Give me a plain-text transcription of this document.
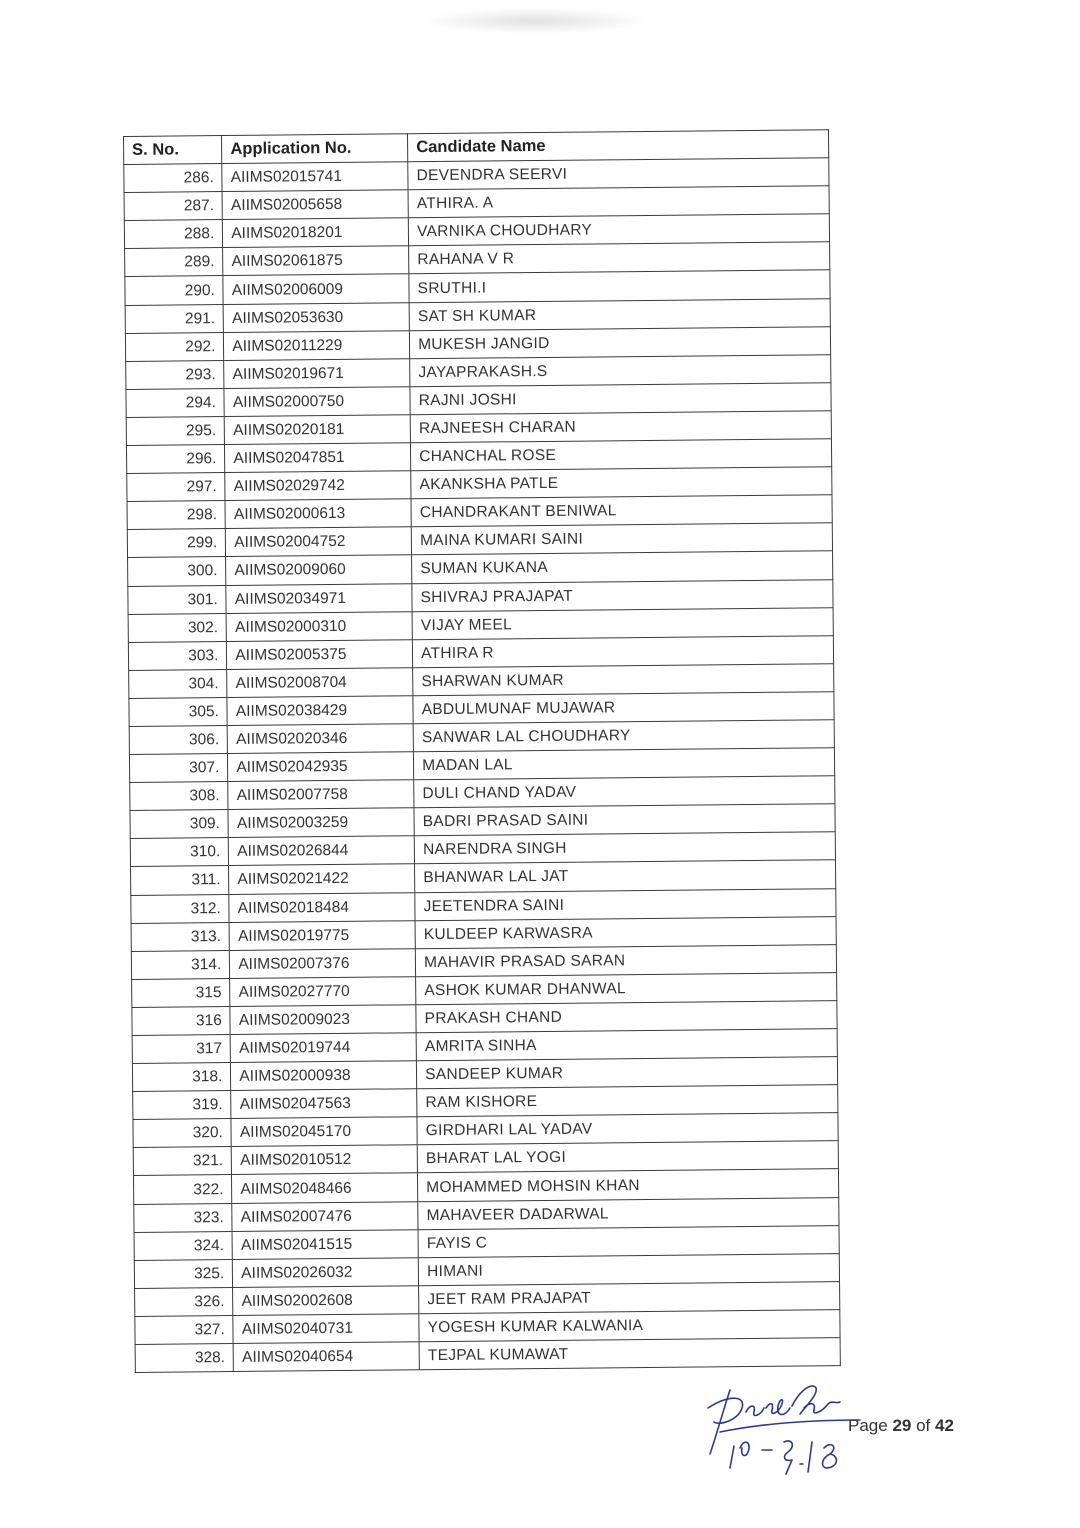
S. No.	Application No.	Candidate Name
286.	AIIMS02015741	DEVENDRA SEERVI
287.	AIIMS02005658	ATHIRA. A
288.	AIIMS02018201	VARNIKA CHOUDHARY
289.	AIIMS02061875	RAHANA V R
290.	AIIMS02006009	SRUTHI.I
291.	AIIMS02053630	SAT SH KUMAR
292.	AIIMS02011229	MUKESH JANGID
293.	AIIMS02019671	JAYAPRAKASH.S
294.	AIIMS02000750	RAJNI JOSHI
295.	AIIMS02020181	RAJNEESH CHARAN
296.	AIIMS02047851	CHANCHAL ROSE
297.	AIIMS02029742	AKANKSHA PATLE
298.	AIIMS02000613	CHANDRAKANT BENIWAL
299.	AIIMS02004752	MAINA KUMARI SAINI
300.	AIIMS02009060	SUMAN KUKANA
301.	AIIMS02034971	SHIVRAJ PRAJAPAT
302.	AIIMS02000310	VIJAY MEEL
303.	AIIMS02005375	ATHIRA R
304.	AIIMS02008704	SHARWAN KUMAR
305.	AIIMS02038429	ABDULMUNAF MUJAWAR
306.	AIIMS02020346	SANWAR LAL CHOUDHARY
307.	AIIMS02042935	MADAN LAL
308.	AIIMS02007758	DULI CHAND YADAV
309.	AIIMS02003259	BADRI PRASAD SAINI
310.	AIIMS02026844	NARENDRA SINGH
311.	AIIMS02021422	BHANWAR LAL JAT
312.	AIIMS02018484	JEETENDRA SAINI
313.	AIIMS02019775	KULDEEP KARWASRA
314.	AIIMS02007376	MAHAVIR PRASAD SARAN
315	AIIMS02027770	ASHOK KUMAR DHANWAL
316	AIIMS02009023	PRAKASH CHAND
317	AIIMS02019744	AMRITA SINHA
318.	AIIMS02000938	SANDEEP KUMAR
319.	AIIMS02047563	RAM KISHORE
320.	AIIMS02045170	GIRDHARI LAL YADAV
321.	AIIMS02010512	BHARAT LAL YOGI
322.	AIIMS02048466	MOHAMMED MOHSIN KHAN
323.	AIIMS02007476	MAHAVEER DADARWAL
324.	AIIMS02041515	FAYIS C
325.	AIIMS02026032	HIMANI
326.	AIIMS02002608	JEET RAM PRAJAPAT
327.	AIIMS02040731	YOGESH KUMAR KALWANIA
328.	AIIMS02040654	TEJPAL KUMAWAT
Page 29 of 42
